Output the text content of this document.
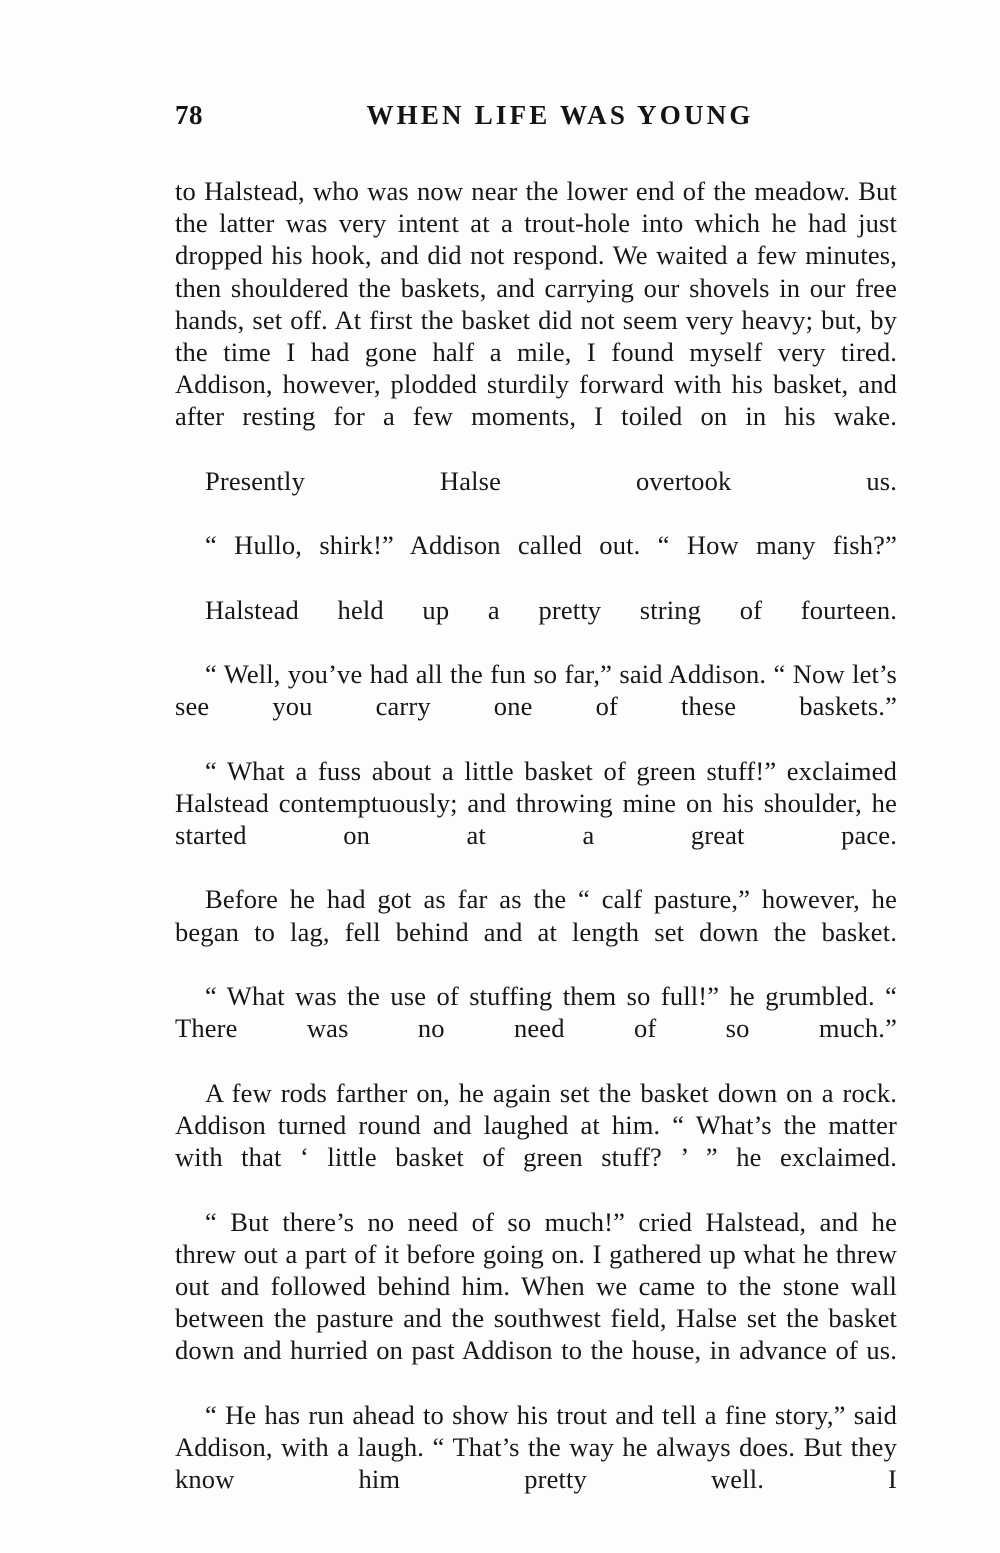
78	WHEN LIFE WAS YOUNG

to Halstead, who was now near the lower end of the meadow. But the latter was very intent at a trout-hole into which he had just dropped his hook, and did not respond. We waited a few minutes, then shouldered the baskets, and carrying our shovels in our free hands, set off. At first the basket did not seem very heavy; but, by the time I had gone half a mile, I found myself very tired. Addison, however, plodded sturdily forward with his basket, and after resting for a few moments, I toiled on in his wake.

Presently Halse overtook us.

“ Hullo, shirk!” Addison called out. “ How many fish?”

Halstead held up a pretty string of fourteen.

“ Well, you’ve had all the fun so far,” said Addison. “ Now let’s see you carry one of these baskets.”

“ What a fuss about a little basket of green stuff!” exclaimed Halstead contemptuously; and throwing mine on his shoulder, he started on at a great pace.

Before he had got as far as the “ calf pasture,” however, he began to lag, fell behind and at length set down the basket.

“ What was the use of stuffing them so full!” he grumbled. “ There was no need of so much.”

A few rods farther on, he again set the basket down on a rock. Addison turned round and laughed at him. “ What’s the matter with that ‘ little basket of green stuff? ’ ” he exclaimed.

“ But there’s no need of so much!” cried Halstead, and he threw out a part of it before going on. I gathered up what he threw out and followed behind him. When we came to the stone wall between the pasture and the southwest field, Halse set the basket down and hurried on past Addison to the house, in advance of us.

“ He has run ahead to show his trout and tell a fine story,” said Addison, with a laugh. “ That’s the way he always does. But they know him pretty well. I
